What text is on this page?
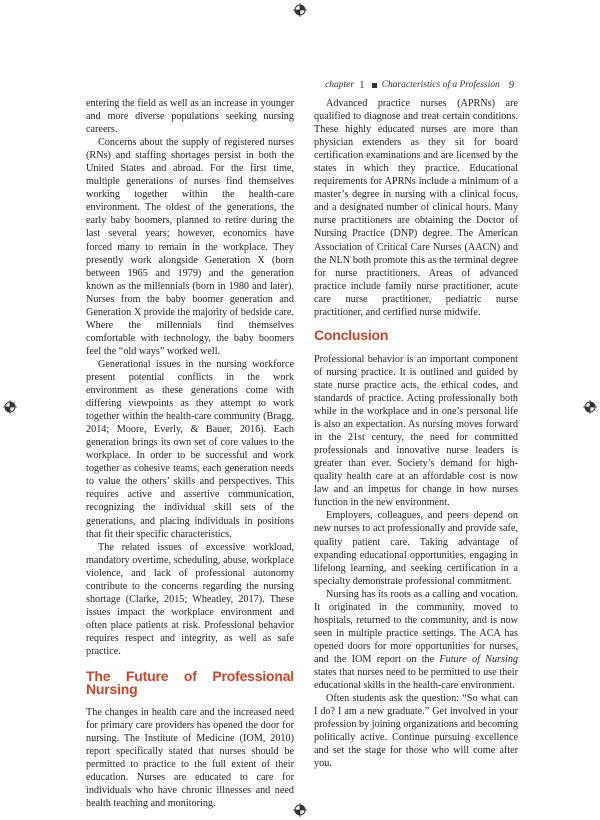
chapter 1 Characteristics of a Profession 9

entering the field as well as an increase in younger and more diverse populations seeking nursing careers.

Concerns about the supply of registered nurses (RNs) and staffing shortages persist in both the United States and abroad. For the first time, multiple generations of nurses find themselves working together within the health-care environment. The oldest of the generations, the early baby boomers, planned to retire during the last several years; however, economics have forced many to remain in the workplace. They presently work alongside Generation X (born between 1965 and 1979) and the generation known as the millennials (born in 1980 and later). Nurses from the baby boomer generation and Generation X provide the majority of bedside care. Where the millennials find themselves comfortable with technology, the baby boomers feel the “old ways” worked well.

Generational issues in the nursing workforce present potential conflicts in the work environment as these generations come with differing viewpoints as they attempt to work together within the health-care community (Bragg, 2014; Moore, Everly, & Bauer, 2016). Each generation brings its own set of core values to the workplace. In order to be successful and work together as cohesive teams, each generation needs to value the others’ skills and perspectives. This requires active and assertive communication, recognizing the individual skill sets of the generations, and placing individuals in positions that fit their specific characteristics.

The related issues of excessive workload, mandatory overtime, scheduling, abuse, workplace violence, and lack of professional autonomy contribute to the concerns regarding the nursing shortage (Clarke, 2015; Wheatley, 2017). These issues impact the workplace environment and often place patients at risk. Professional behavior requires respect and integrity, as well as safe practice.

The Future of Professional Nursing

The changes in health care and the increased need for primary care providers has opened the door for nursing. The Institute of Medicine (IOM, 2010) report specifically stated that nurses should be permitted to practice to the full extent of their education. Nurses are educated to care for individuals who have chronic illnesses and need health teaching and monitoring.

Advanced practice nurses (APRNs) are qualified to diagnose and treat certain conditions. These highly educated nurses are more than physician extenders as they sit for board certification examinations and are licensed by the states in which they practice. Educational requirements for APRNs include a minimum of a master’s degree in nursing with a clinical focus, and a designated number of clinical hours. Many nurse practitioners are obtaining the Doctor of Nursing Practice (DNP) degree. The American Association of Critical Care Nurses (AACN) and the NLN both promote this as the terminal degree for nurse practitioners. Areas of advanced practice include family nurse practitioner, acute care nurse practitioner, pediatric nurse practitioner, and certified nurse midwife.

Conclusion

Professional behavior is an important component of nursing practice. It is outlined and guided by state nurse practice acts, the ethical codes, and standards of practice. Acting professionally both while in the workplace and in one’s personal life is also an expectation. As nursing moves forward in the 21st century, the need for committed professionals and innovative nurse leaders is greater than ever. Society’s demand for high-quality health care at an affordable cost is now law and an impetus for change in how nurses function in the new environment.

Employers, colleagues, and peers depend on new nurses to act professionally and provide safe, quality patient care. Taking advantage of expanding educational opportunities, engaging in lifelong learning, and seeking certification in a specialty demonstrate professional commitment.

Nursing has its roots as a calling and vocation. It originated in the community, moved to hospitals, returned to the community, and is now seen in multiple practice settings. The ACA has opened doors for more opportunities for nurses, and the IOM report on the Future of Nursing states that nurses need to be permitted to use their educational skills in the health-care environment.

Often students ask the question: “So what can I do? I am a new graduate.” Get involved in your profession by joining organizations and becoming politically active. Continue pursuing excellence and set the stage for those who will come after you.
